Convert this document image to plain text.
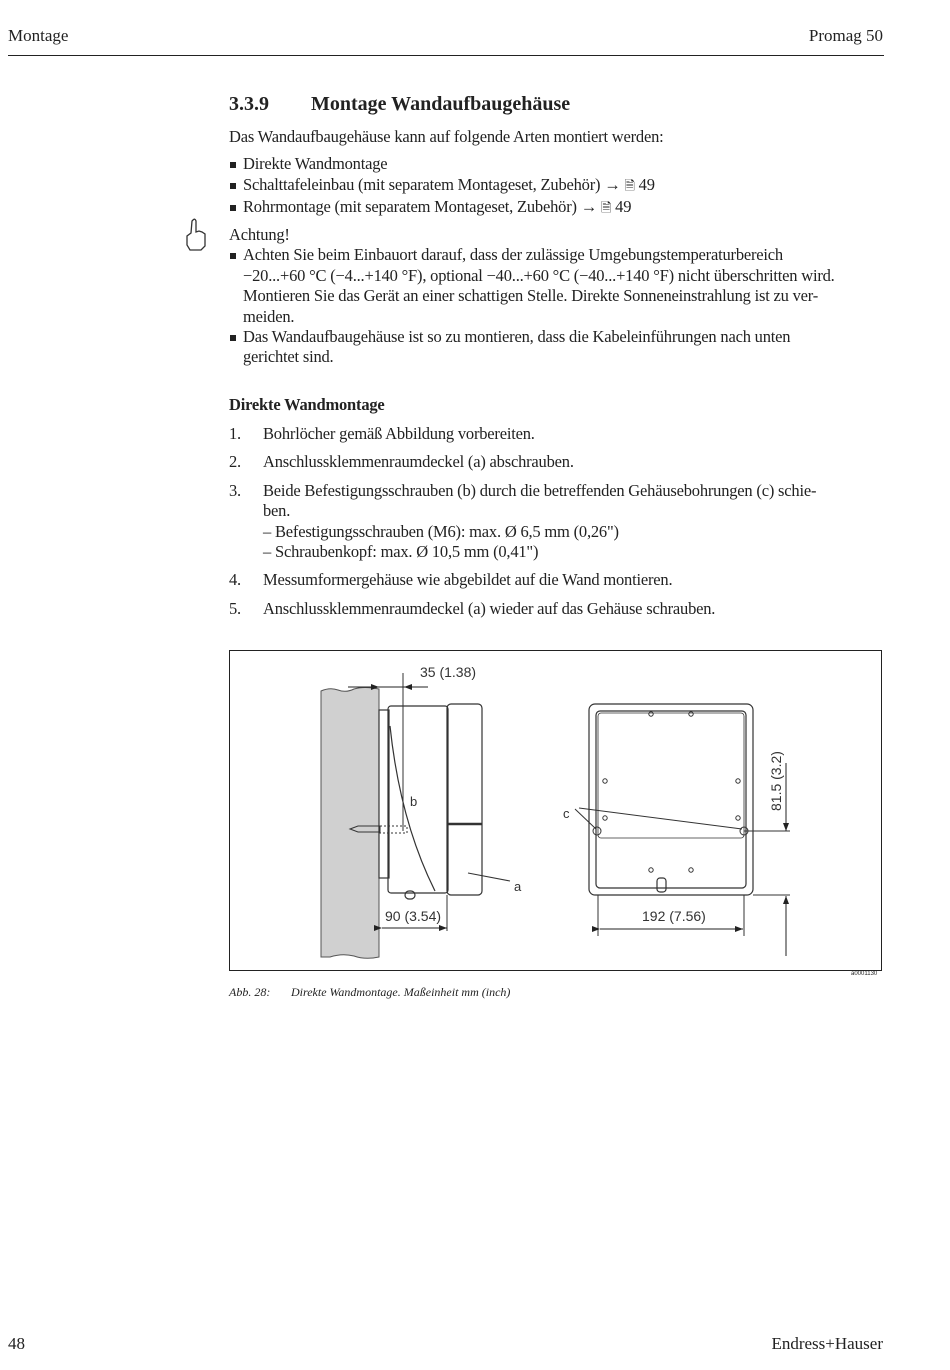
Montage	Promag 50
3.3.9 Montage Wandaufbaugehäuse
Das Wandaufbaugehäuse kann auf folgende Arten montiert werden:
Direkte Wandmontage
Schalttafeleinbau (mit separatem Montageset, Zubehör) → 🗎 49
Rohrmontage (mit separatem Montageset, Zubehör) → 🗎 49
Achtung!
Achten Sie beim Einbauort darauf, dass der zulässige Umgebungstemperaturbereich
−20...+60 °C (−4...+140 °F), optional −40...+60 °C (−40...+140 °F) nicht überschritten wird.
Montieren Sie das Gerät an einer schattigen Stelle. Direkte Sonneneinstrahlung ist zu ver-
meiden.
Das Wandaufbaugehäuse ist so zu montieren, dass die Kabeleinführungen nach unten
gerichtet sind.
Direkte Wandmontage
1. Bohrlöcher gemäß Abbildung vorbereiten.
2. Anschlussklemmenraumdeckel (a) abschrauben.
3. Beide Befestigungsschrauben (b) durch die betreffenden Gehäusebohrungen (c) schie-
ben.
– Befestigungsschrauben (M6): max. Ø 6,5 mm (0,26")
– Schraubenkopf: max. Ø 10,5 mm (0,41")
4. Messumformergehäuse wie abgebildet auf die Wand montieren.
5. Anschlussklemmenraumdeckel (a) wieder auf das Gehäuse schrauben.
35 (1.38)
90 (3.54)
b
a
c
81.5 (3.2)
192 (7.56)
a0001130
Abb. 28: Direkte Wandmontage. Maßeinheit mm (inch)
48	Endress+Hauser
